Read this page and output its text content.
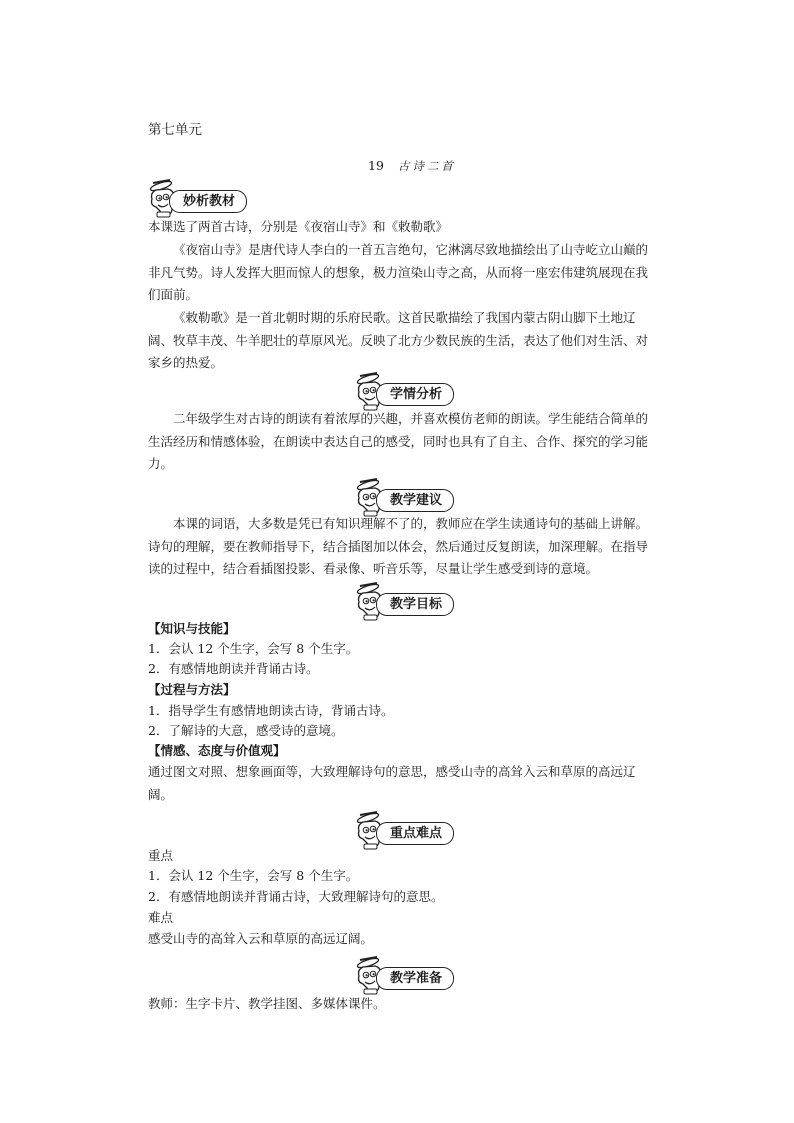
第七单元
19 古诗二首
妙析教材
本课选了两首古诗，分别是《夜宿山寺》和《敕勒歌》
《夜宿山寺》是唐代诗人李白的一首五言绝句，它淋漓尽致地描绘出了山寺屹立山巅的非凡气势。诗人发挥大胆而惊人的想象，极力渲染山寺之高，从而将一座宏伟建筑展现在我们面前。
《敕勒歌》是一首北朝时期的乐府民歌。这首民歌描绘了我国内蒙古阴山脚下土地辽阔、牧草丰茂、牛羊肥壮的草原风光。反映了北方少数民族的生活，表达了他们对生活、对家乡的热爱。
学情分析
二年级学生对古诗的朗读有着浓厚的兴趣，并喜欢模仿老师的朗读。学生能结合简单的生活经历和情感体验，在朗读中表达自己的感受，同时也具有了自主、合作、探究的学习能力。
教学建议
本课的词语，大多数是凭已有知识理解不了的，教师应在学生读通诗句的基础上讲解。诗句的理解，要在教师指导下，结合插图加以体会，然后通过反复朗读，加深理解。在指导读的过程中，结合看插图投影、看录像、听音乐等，尽量让学生感受到诗的意境。
教学目标
【知识与技能】
1．会认 12 个生字，会写 8 个生字。
2．有感情地朗读并背诵古诗。
【过程与方法】
1．指导学生有感情地朗读古诗，背诵古诗。
2．了解诗的大意，感受诗的意境。
【情感、态度与价值观】
通过图文对照、想象画面等，大致理解诗句的意思，感受山寺的高耸入云和草原的高远辽阔。
重点难点
重点
1．会认 12 个生字，会写 8 个生字。
2．有感情地朗读并背诵古诗，大致理解诗句的意思。
难点
感受山寺的高耸入云和草原的高远辽阔。
教学准备
教师：生字卡片、教学挂图、多媒体课件。
